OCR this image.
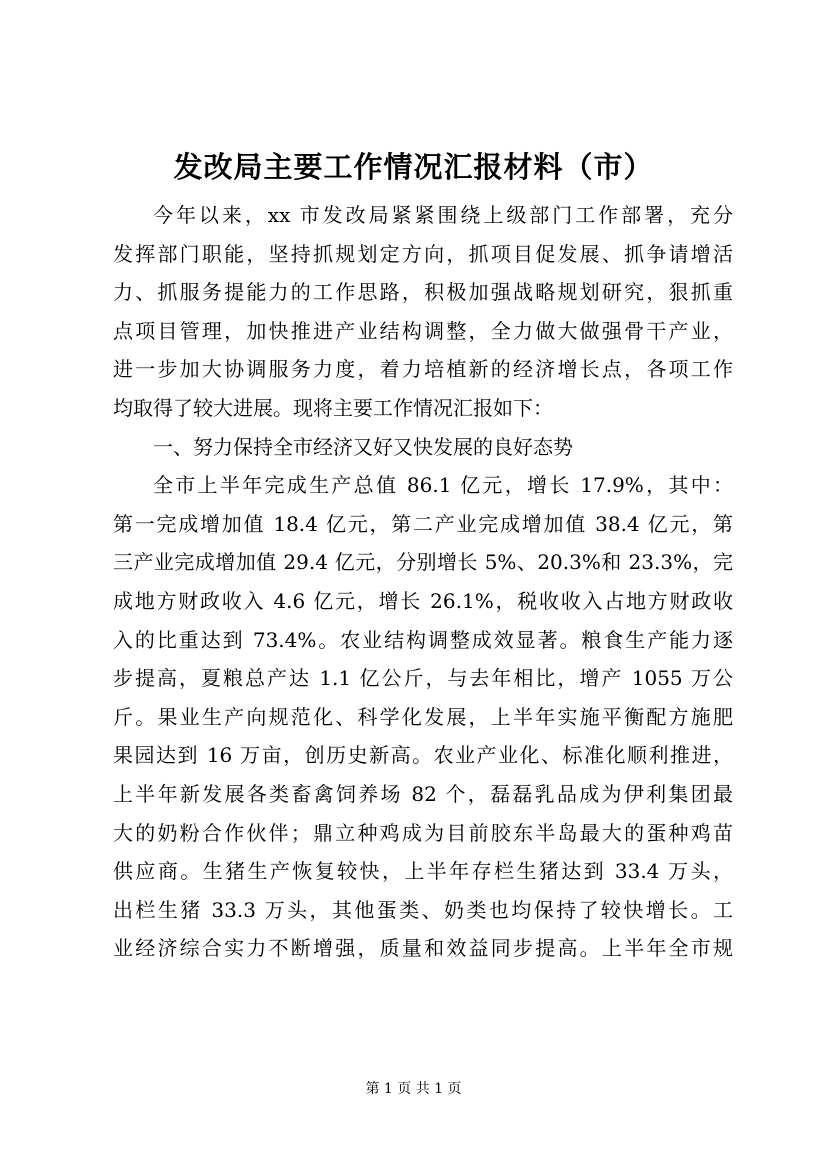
发改局主要工作情况汇报材料（市）
今年以来，xx 市发改局紧紧围绕上级部门工作部署，充分
发挥部门职能，坚持抓规划定方向，抓项目促发展、抓争请增活
力、抓服务提能力的工作思路，积极加强战略规划研究，狠抓重
点项目管理，加快推进产业结构调整，全力做大做强骨干产业，
进一步加大协调服务力度，着力培植新的经济增长点，各项工作
均取得了较大进展。现将主要工作情况汇报如下：
一、努力保持全市经济又好又快发展的良好态势
全市上半年完成生产总值 86.1 亿元，增长 17.9%，其中：
第一完成增加值 18.4 亿元，第二产业完成增加值 38.4 亿元，第
三产业完成增加值 29.4 亿元，分别增长 5%、20.3%和 23.3%，完
成地方财政收入 4.6 亿元，增长 26.1%，税收收入占地方财政收
入的比重达到 73.4%。农业结构调整成效显著。粮食生产能力逐
步提高，夏粮总产达 1.1 亿公斤，与去年相比，增产 1055 万公
斤。果业生产向规范化、科学化发展，上半年实施平衡配方施肥
果园达到 16 万亩，创历史新高。农业产业化、标准化顺利推进，
上半年新发展各类畜禽饲养场 82 个，磊磊乳品成为伊利集团最
大的奶粉合作伙伴；鼎立种鸡成为目前胶东半岛最大的蛋种鸡苗
供应商。生猪生产恢复较快，上半年存栏生猪达到 33.4 万头，
出栏生猪 33.3 万头，其他蛋类、奶类也均保持了较快增长。工
业经济综合实力不断增强，质量和效益同步提高。上半年全市规
第 1 页 共 1 页
